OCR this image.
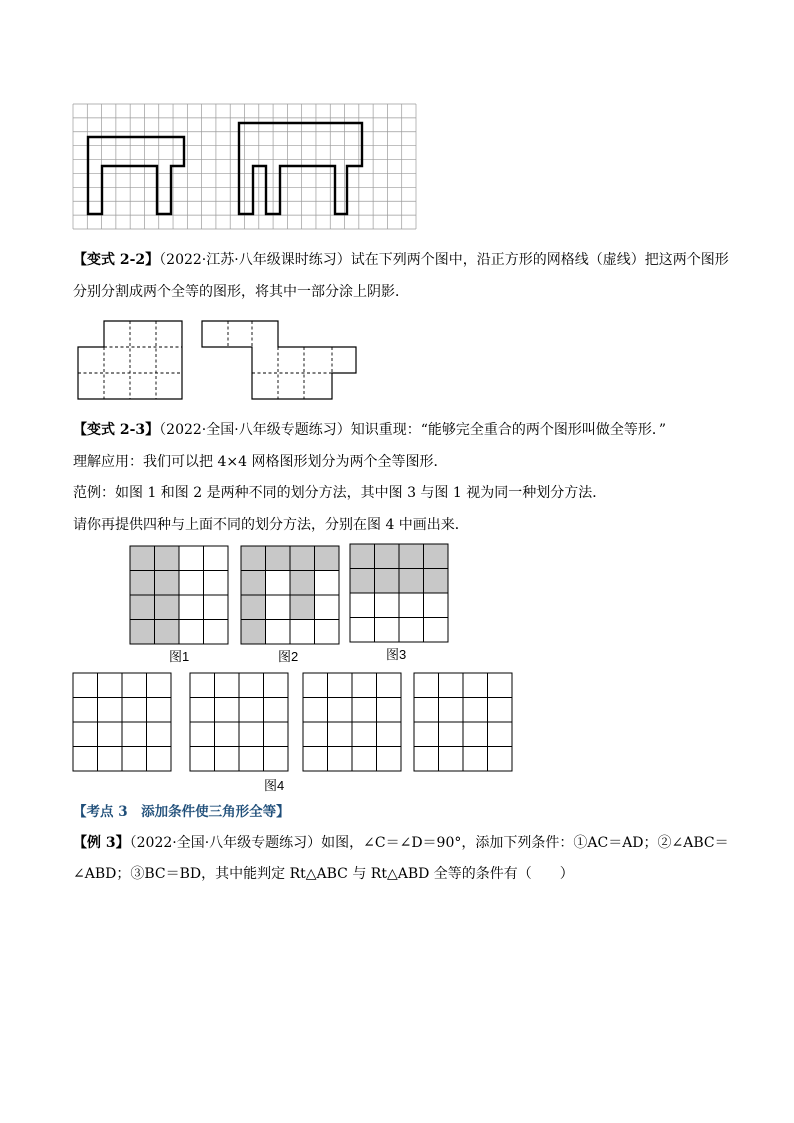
【变式 2-2】（2022·江苏·八年级课时练习）试在下列两个图中，沿正方形的网格线（虚线）把这两个图形
分别分割成两个全等的图形，将其中一部分涂上阴影．
【变式 2-3】（2022·全国·八年级专题练习）知识重现：“能够完全重合的两个图形叫做全等形．”
理解应用：我们可以把 4×4 网格图形划分为两个全等图形．
范例：如图 1 和图 2 是两种不同的划分方法，其中图 3 与图 1 视为同一种划分方法．
请你再提供四种与上面不同的划分方法，分别在图 4 中画出来．
图1	图2	图3
图4
【考点 3　添加条件使三角形全等】
【例 3】（2022·全国·八年级专题练习）如图，∠C＝∠D＝90°，添加下列条件：①AC＝AD；②∠ABC＝
∠ABD；③BC＝BD，其中能判定 Rt△ABC 与 Rt△ABD 全等的条件有（　　）
